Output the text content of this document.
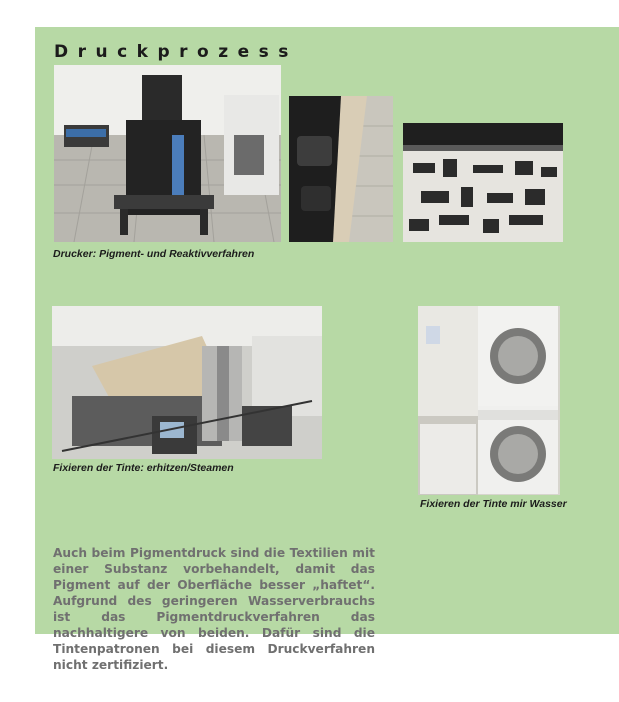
Druckprozess
Drucker: Pigment- und Reaktivverfahren
Fixieren der Tinte: erhitzen/Steamen
Fixieren der Tinte mir Wasser

Auch beim Pigmentdruck sind die Textilien mit einer Substanz vorbehandelt, damit das Pigment auf der Oberfläche besser „haftet“. Aufgrund des geringeren Wasserverbrauchs ist das Pigmentdruckverfahren das nachhaltigere von beiden. Dafür sind die Tintenpatronen bei diesem Druckverfahren nicht zertifiziert.
